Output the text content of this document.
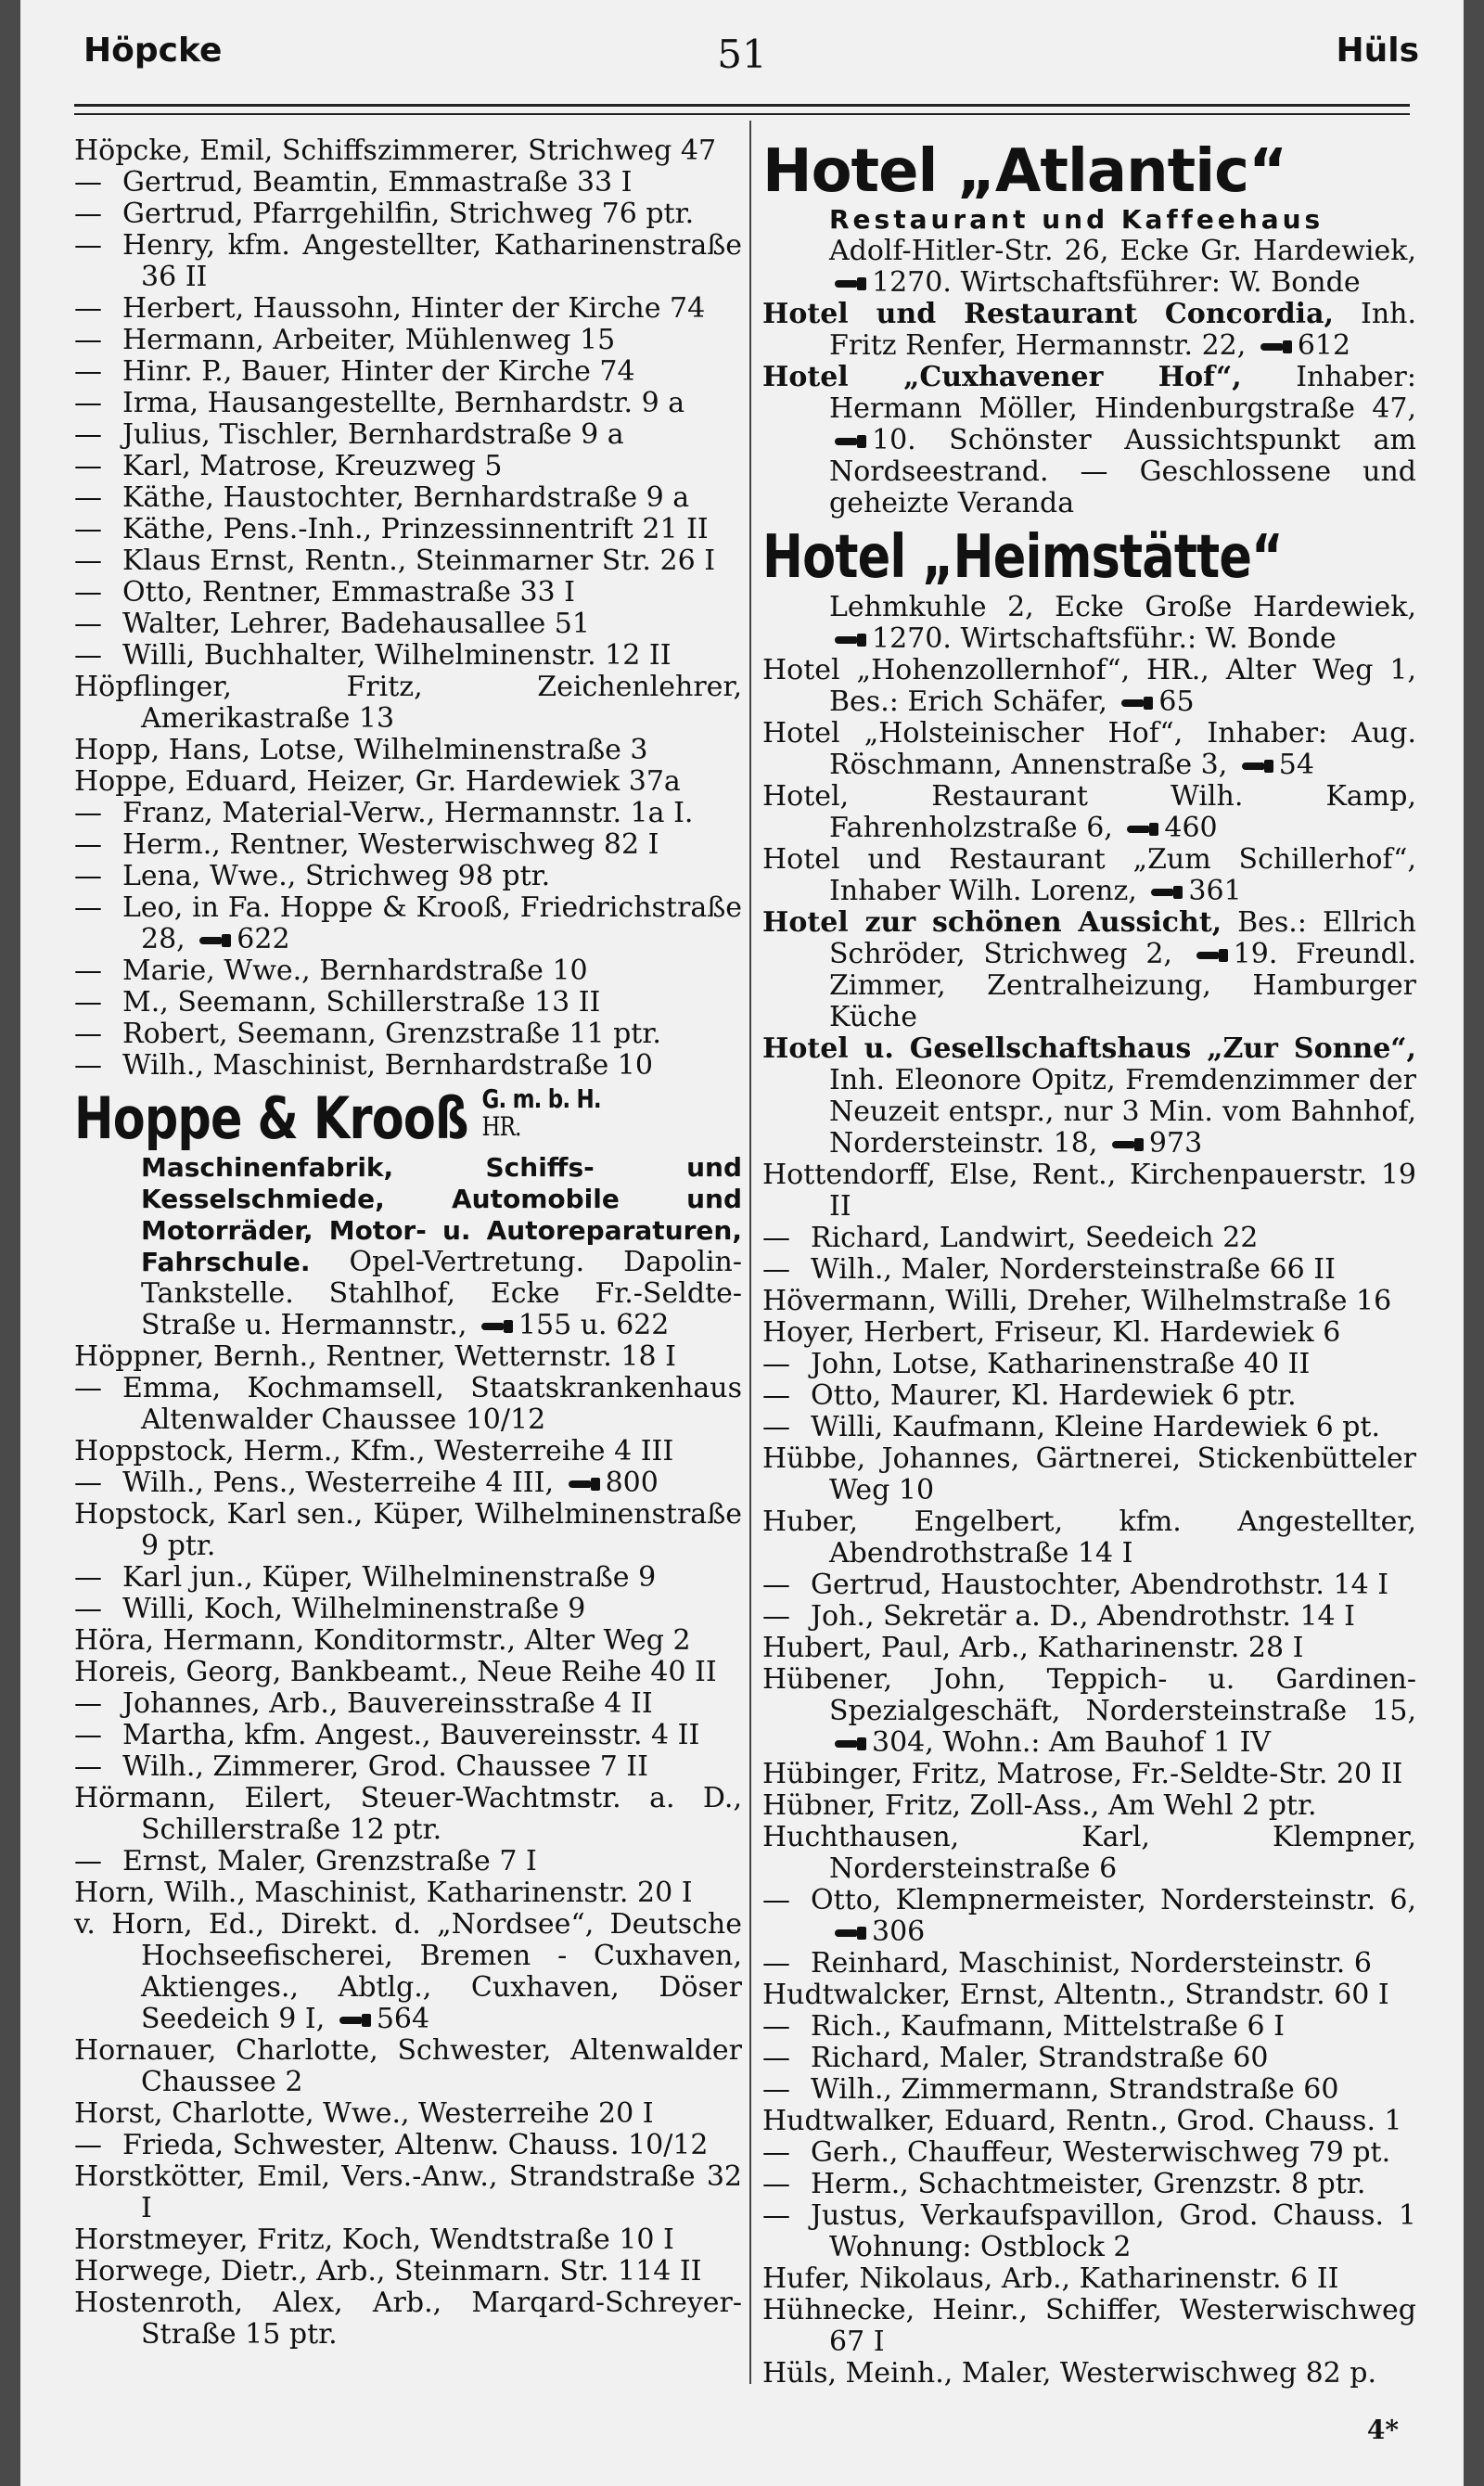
Höpcke	51	Hüls
Höpcke, Emil, Schiffszimmerer, Strichweg 47
— Gertrud, Beamtin, Emmastraße 33 I
— Gertrud, Pfarrgehilfin, Strichweg 76 ptr.
— Henry, kfm. Angestellter, Katharinenstraße 36 II
— Herbert, Haussohn, Hinter der Kirche 74
— Hermann, Arbeiter, Mühlenweg 15
— Hinr. P., Bauer, Hinter der Kirche 74
— Irma, Hausangestellte, Bernhardstr. 9 a
— Julius, Tischler, Bernhardstraße 9 a
— Karl, Matrose, Kreuzweg 5
— Käthe, Haustochter, Bernhardstraße 9 a
— Käthe, Pens.-Inh., Prinzessinnentrift 21 II
— Klaus Ernst, Rentn., Steinmarner Str. 26 I
— Otto, Rentner, Emmastraße 33 I
— Walter, Lehrer, Badehausallee 51
— Willi, Buchhalter, Wilhelminenstr. 12 II
Höpflinger, Fritz, Zeichenlehrer, Amerikastraße 13
Hopp, Hans, Lotse, Wilhelminenstraße 3
Hoppe, Eduard, Heizer, Gr. Hardewiek 37a
— Franz, Material-Verw., Hermannstr. 1a I.
— Herm., Rentner, Westerwischweg 82 I
— Lena, Wwe., Strichweg 98 ptr.
— Leo, in Fa. Hoppe & Krooß, Friedrichstraße 28, 622
— Marie, Wwe., Bernhardstraße 10
— M., Seemann, Schillerstraße 13 II
— Robert, Seemann, Grenzstraße 11 ptr.
— Wilh., Maschinist, Bernhardstraße 10
Hoppe & Krooß G. m. b. H.
HR.
Maschinenfabrik, Schiffs- und Kesselschmiede, Automobile und Motorräder, Motor- u. Autoreparaturen, Fahrschule. Opel-Vertretung. Dapolin-Tankstelle. Stahlhof, Ecke Fr.-Seldte-Straße u. Hermannstr., 155 u. 622
Höppner, Bernh., Rentner, Wetternstr. 18 I
— Emma, Kochmamsell, Staatskrankenhaus Altenwalder Chaussee 10/12
Hoppstock, Herm., Kfm., Westerreihe 4 III
— Wilh., Pens., Westerreihe 4 III, 800
Hopstock, Karl sen., Küper, Wilhelminenstraße 9 ptr.
— Karl jun., Küper, Wilhelminenstraße 9
— Willi, Koch, Wilhelminenstraße 9
Höra, Hermann, Konditormstr., Alter Weg 2
Horeis, Georg, Bankbeamt., Neue Reihe 40 II
— Johannes, Arb., Bauvereinsstraße 4 II
— Martha, kfm. Angest., Bauvereinsstr. 4 II
— Wilh., Zimmerer, Grod. Chaussee 7 II
Hörmann, Eilert, Steuer-Wachtmstr. a. D., Schillerstraße 12 ptr.
— Ernst, Maler, Grenzstraße 7 I
Horn, Wilh., Maschinist, Katharinenstr. 20 I
v. Horn, Ed., Direkt. d. „Nordsee“, Deutsche Hochseefischerei, Bremen - Cuxhaven, Aktienges., Abtlg., Cuxhaven, Döser Seedeich 9 I, 564
Hornauer, Charlotte, Schwester, Altenwalder Chaussee 2
Horst, Charlotte, Wwe., Westerreihe 20 I
— Frieda, Schwester, Altenw. Chauss. 10/12
Horstkötter, Emil, Vers.-Anw., Strandstraße 32 I
Horstmeyer, Fritz, Koch, Wendtstraße 10 I
Horwege, Dietr., Arb., Steinmarn. Str. 114 II
Hostenroth, Alex, Arb., Marqard-Schreyer-Straße 15 ptr.
Hotel „Atlantic“
Restaurant und Kaffeehaus
Adolf-Hitler-Str. 26, Ecke Gr. Hardewiek, 1270. Wirtschaftsführer: W. Bonde
Hotel und Restaurant Concordia, Inh. Fritz Renfer, Hermannstr. 22, 612
Hotel „Cuxhavener Hof“, Inhaber: Hermann Möller, Hindenburgstraße 47, 10. Schönster Aussichtspunkt am Nordseestrand. — Geschlossene und geheizte Veranda
Hotel „Heimstätte“
Lehmkuhle 2, Ecke Große Hardewiek, 1270. Wirtschaftsführ.: W. Bonde
Hotel „Hohenzollernhof“, HR., Alter Weg 1, Bes.: Erich Schäfer, 65
Hotel „Holsteinischer Hof“, Inhaber: Aug. Röschmann, Annenstraße 3, 54
Hotel, Restaurant Wilh. Kamp, Fahrenholzstraße 6, 460
Hotel und Restaurant „Zum Schillerhof“, Inhaber Wilh. Lorenz, 361
Hotel zur schönen Aussicht, Bes.: Ellrich Schröder, Strichweg 2, 19. Freundl. Zimmer, Zentralheizung, Hamburger Küche
Hotel u. Gesellschaftshaus „Zur Sonne“, Inh. Eleonore Opitz, Fremdenzimmer der Neuzeit entspr., nur 3 Min. vom Bahnhof, Nordersteinstr. 18, 973
Hottendorff, Else, Rent., Kirchenpauerstr. 19 II
— Richard, Landwirt, Seedeich 22
— Wilh., Maler, Nordersteinstraße 66 II
Hövermann, Willi, Dreher, Wilhelmstraße 16
Hoyer, Herbert, Friseur, Kl. Hardewiek 6
— John, Lotse, Katharinenstraße 40 II
— Otto, Maurer, Kl. Hardewiek 6 ptr.
— Willi, Kaufmann, Kleine Hardewiek 6 pt.
Hübbe, Johannes, Gärtnerei, Stickenbütteler Weg 10
Huber, Engelbert, kfm. Angestellter, Abendrothstraße 14 I
— Gertrud, Haustochter, Abendrothstr. 14 I
— Joh., Sekretär a. D., Abendrothstr. 14 I
Hubert, Paul, Arb., Katharinenstr. 28 I
Hübener, John, Teppich- u. Gardinen-Spezialgeschäft, Nordersteinstraße 15, 304, Wohn.: Am Bauhof 1 IV
Hübinger, Fritz, Matrose, Fr.-Seldte-Str. 20 II
Hübner, Fritz, Zoll-Ass., Am Wehl 2 ptr.
Huchthausen, Karl, Klempner, Nordersteinstraße 6
— Otto, Klempnermeister, Nordersteinstr. 6, 306
— Reinhard, Maschinist, Nordersteinstr. 6
Hudtwalcker, Ernst, Altentn., Strandstr. 60 I
— Rich., Kaufmann, Mittelstraße 6 I
— Richard, Maler, Strandstraße 60
— Wilh., Zimmermann, Strandstraße 60
Hudtwalker, Eduard, Rentn., Grod. Chauss. 1
— Gerh., Chauffeur, Westerwischweg 79 pt.
— Herm., Schachtmeister, Grenzstr. 8 ptr.
— Justus, Verkaufspavillon, Grod. Chauss. 1 Wohnung: Ostblock 2
Hufer, Nikolaus, Arb., Katharinenstr. 6 II
Hühnecke, Heinr., Schiffer, Westerwischweg 67 I
Hüls, Meinh., Maler, Westerwischweg 82 p.
4*
